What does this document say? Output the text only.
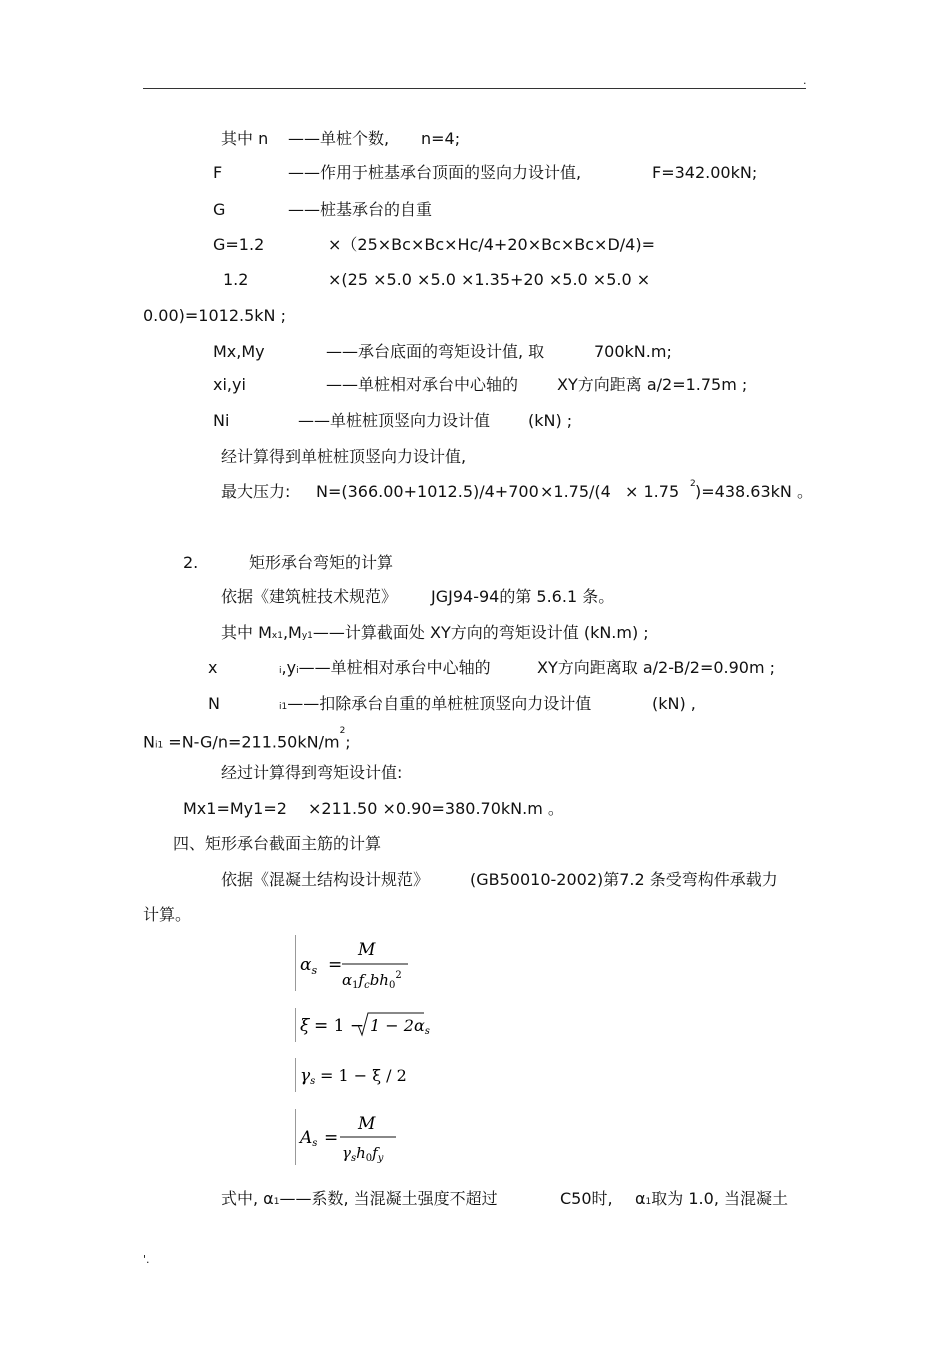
.
其中 n ——单桩个数, n=4;
F	——作用于桩基承台顶面的竖向力设计值,	F=342.00kN;
G	——桩基承台的自重
G=1.2	×（25×Bc×Bc×Hc/4+20×Bc×Bc×D/4)=
1.2	×(25 ×5.0 ×5.0 ×1.35+20 ×5.0 ×5.0 ×
0.00)=1012.5kN ;
Mx,My	——承台底面的弯矩设计值, 取	700kN.m;
xi,yi	——单桩相对承台中心轴的 XY方向距离 a/2=1.75m ;
Ni	——单桩桩顶竖向力设计值 (kN) ;
经计算得到单桩桩顶竖向力设计值,
最大压力: N=(366.00+1012.5)/4+700 ×1.75/(4 × 1.75 $^2$ )=438.63kN 。
2.	矩形承台弯矩的计算
依据《建筑桩技术规范》 JGJ94-94的第 5.6.1 条。
其中 Mx1,My1——计算截面处 XY方向的弯矩设计值 (kN.m) ;
x	i,yi——单桩相对承台中心轴的	XY方向距离取 a/2-B/2=0.90m ;
N	i1——扣除承台自重的单桩桩顶竖向力设计值	(kN) ,
$Ni1 =N-G/n=211.50kN/m^2$;
经过计算得到弯矩设计值:
Mx1=My1=2 ×211.50 ×0.90=380.70kN.m 。
四、矩形承台截面主筋的计算
依据《混凝土结构设计规范》	(GB50010-2002)第7.2 条受弯构件承载力
计算。
$\alpha_s$ =
M
$\alpha_1f_cbh_0^2$
ξ = 1 − 1 − 2αs
γs = 1 − ξ / 2
As =
M
$\gamma_sh_0f_y$
式中, α1——系数, 当混凝土强度不超过	C50时, α1取为 1.0, 当混凝土
'.
